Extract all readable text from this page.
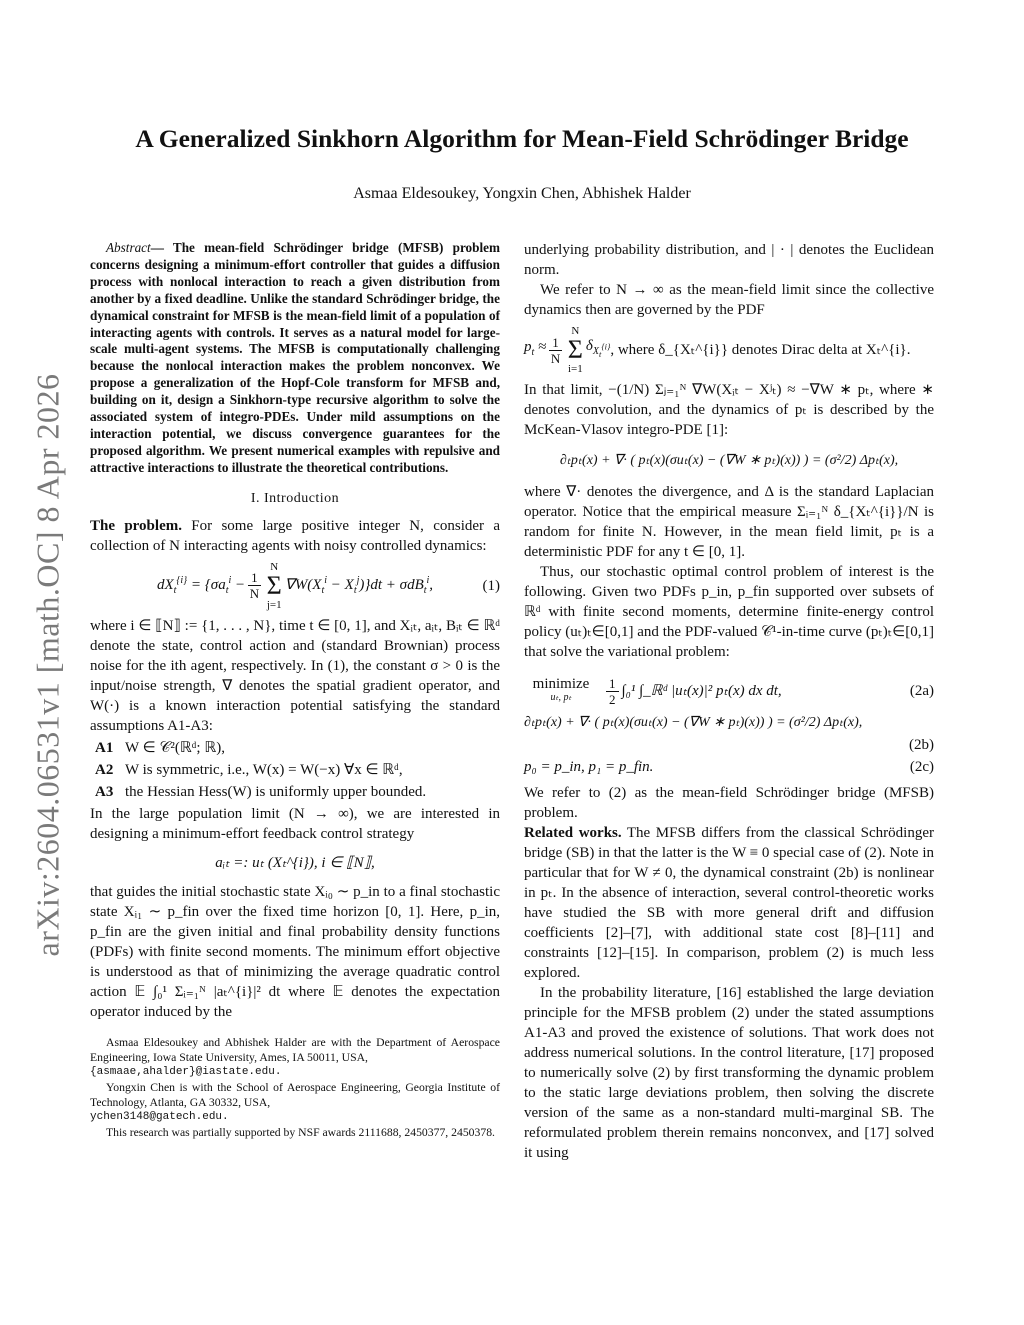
arXiv:2604.06531v1 [math.OC] 8 Apr 2026
A Generalized Sinkhorn Algorithm for Mean-Field Schrödinger Bridge
Asmaa Eldesoukey, Yongxin Chen, Abhishek Halder

Abstract— The mean-field Schrödinger bridge (MFSB) problem concerns designing a minimum-effort controller that guides a diffusion process with nonlocal interaction to reach a given distribution from another by a fixed deadline. Unlike the standard Schrödinger bridge, the dynamical constraint for MFSB is the mean-field limit of a population of interacting agents with controls. It serves as a natural model for large-scale multi-agent systems. The MFSB is computationally challenging because the nonlocal interaction makes the problem nonconvex. We propose a generalization of the Hopf-Cole transform for MFSB and, building on it, design a Sinkhorn-type recursive algorithm to solve the associated system of integro-PDEs. Under mild assumptions on the interaction potential, we discuss convergence guarantees for the proposed algorithm. We present numerical examples with repulsive and attractive interactions to illustrate the theoretical contributions.

I. Introduction

The problem. For some large positive integer N, consider a collection of N interacting agents with noisy controlled dynamics:

$dX_t^{\{i\}} = \{\sigma a_t^i - \frac{1}{N}$
N
Σ
j=1
$\nabla W(X_t^i - X_t^j)\}dt + \sigma dB_t^i$,	(1)

where i ∈ ⟦N⟧ := {1, . . . , N}, time t ∈ [0, 1], and Xᵢₜ, aᵢₜ, Bᵢₜ ∈ ℝᵈ denote the state, control action and (standard Brownian) process noise for the ith agent, respectively. In (1), the constant σ > 0 is the input/noise strength, ∇ denotes the spatial gradient operator, and W(·) is a known interaction potential satisfying the standard assumptions A1-A3:

A1 W ∈ 𝒞²(ℝᵈ; ℝ),
A2 W is symmetric, i.e., W(x) = W(−x) ∀x ∈ ℝᵈ,
A3 the Hessian Hess(W) is uniformly upper bounded.

In the large population limit (N → ∞), we are interested in designing a minimum-effort feedback control strategy

aᵢₜ =: uₜ (Xₜ^{i}), i ∈ ⟦N⟧,

that guides the initial stochastic state Xᵢ₀ ∼ p_in to a final stochastic state Xᵢ₁ ∼ p_fin over the fixed time horizon [0, 1]. Here, p_in, p_fin are the given initial and final probability density functions (PDFs) with finite second moments. The minimum effort objective is understood as that of minimizing the average quadratic control action 𝔼 ∫₀¹ Σᵢ₌₁ᴺ |aₜ^{i}|² dt where 𝔼 denotes the expectation operator induced by the

Asmaa Eldesoukey and Abhishek Halder are with the Department of Aerospace Engineering, Iowa State University, Ames, IA 50011, USA,

{asmaae,ahalder}@iastate.edu.

Yongxin Chen is with the School of Aerospace Engineering, Georgia Institute of Technology, Atlanta, GA 30332, USA,

ychen3148@gatech.edu.

This research was partially supported by NSF awards 2111688, 2450377, 2450378.

underlying probability distribution, and | · | denotes the Euclidean norm.

We refer to N → ∞ as the mean-field limit since the collective dynamics then are governed by the PDF

$p_t \approx \frac{1}{N}$
N
Σ
i=1
$\delta_{X_t^{\{i\}}}$ , where δ_{Xₜ^{i}} denotes Dirac delta at Xₜ^{i}.

In that limit, −(1/N) Σⱼ₌₁ᴺ ∇W(Xᵢₜ − Xʲₜ) ≈ −∇W ∗ pₜ, where ∗ denotes convolution, and the dynamics of pₜ is described by the McKean-Vlasov integro-PDE [1]:

∂ₜpₜ(x) + ∇· ( pₜ(x)(σuₜ(x) − (∇W ∗ pₜ)(x)) ) = (σ²/2) Δpₜ(x),

where ∇· denotes the divergence, and Δ is the standard Laplacian operator. Notice that the empirical measure Σᵢ₌₁ᴺ δ_{Xₜ^{i}}/N is random for finite N. However, in the mean field limit, pₜ is a deterministic PDF for any t ∈ [0, 1].

Thus, our stochastic optimal control problem of interest is the following. Given two PDFs p_in, p_fin supported over subsets of ℝᵈ with finite second moments, determine finite-energy control policy (uₜ)ₜ∈[0,1] and the PDF-valued 𝒞¹-in-time curve (pₜ)ₜ∈[0,1] that solve the variational problem:

minimize
uₜ, pₜ	$\frac{1}{2} \int_0^1$ ∫_ℝᵈ |uₜ(x)|² pₜ(x) dx dt,	(2a)
∂ₜpₜ(x) + ∇· ( pₜ(x)(σuₜ(x) − (∇W ∗ pₜ)(x)) ) = (σ²/2) Δpₜ(x),
(2b)
p₀ = p_in, p₁ = p_fin.	(2c)

We refer to (2) as the mean-field Schrödinger bridge (MFSB) problem.

Related works. The MFSB differs from the classical Schrödinger bridge (SB) in that the latter is the W ≡ 0 special case of (2). Note in particular that for W ≠ 0, the dynamical constraint (2b) is nonlinear in pₜ. In the absence of interaction, several control-theoretic works have studied the SB with more general drift and diffusion coefficients [2]–[7], with additional state cost [8]–[11] and constraints [12]–[15]. In comparison, problem (2) is much less explored.

In the probability literature, [16] established the large deviation principle for the MFSB problem (2) under the stated assumptions A1-A3 and proved the existence of solutions. That work does not address numerical solutions. In the control literature, [17] proposed to numerically solve (2) by first transforming the dynamic problem to the static large deviations problem, then solving the discrete version of the same as a non-standard multi-marginal SB. The reformulated problem therein remains nonconvex, and [17] solved it using
